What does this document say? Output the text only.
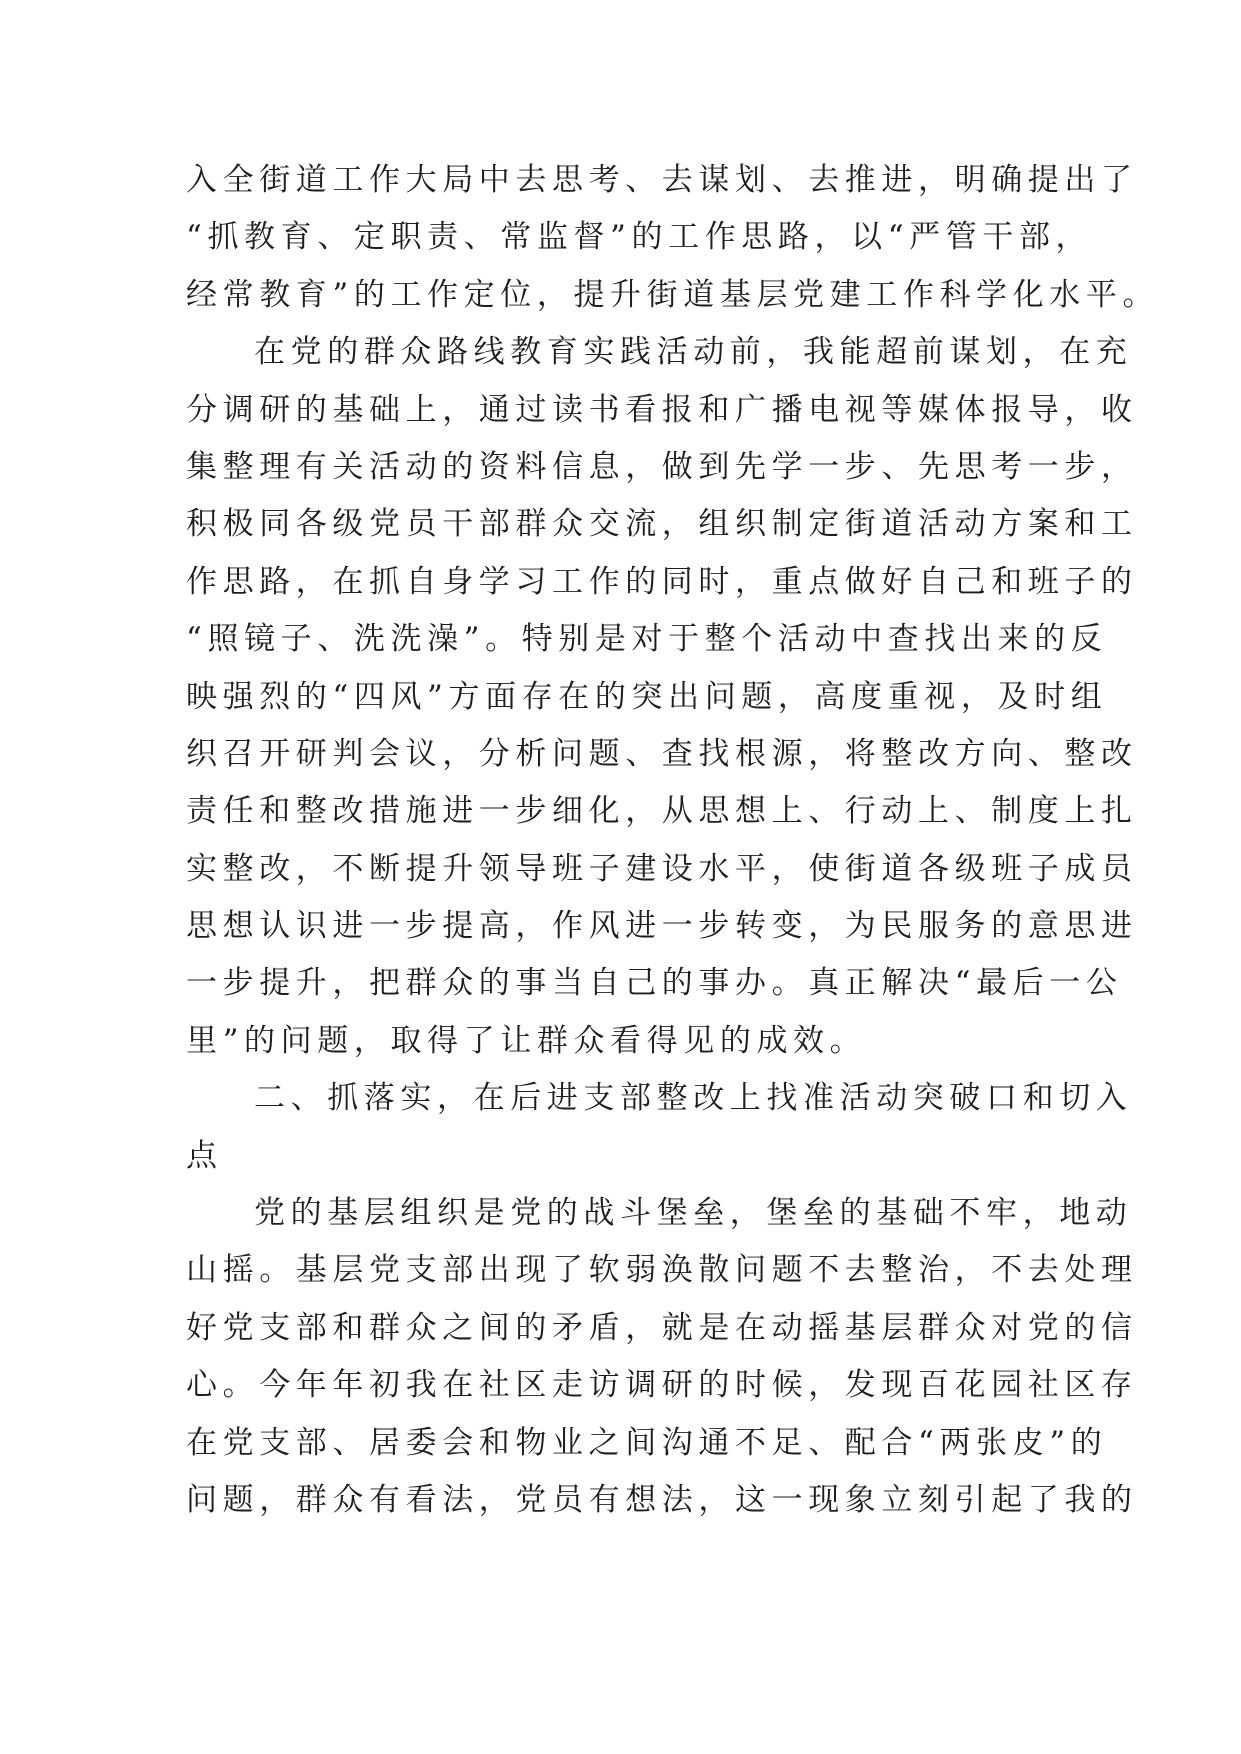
入全街道工作大局中去思考、去谋划、去推进，明确提出了
“抓教育、定职责、常监督”的工作思路，以“严管干部，
经常教育”的工作定位，提升街道基层党建工作科学化水平。
在党的群众路线教育实践活动前，我能超前谋划，在充
分调研的基础上，通过读书看报和广播电视等媒体报导，收
集整理有关活动的资料信息，做到先学一步、先思考一步，
积极同各级党员干部群众交流，组织制定街道活动方案和工
作思路，在抓自身学习工作的同时，重点做好自己和班子的
“照镜子、洗洗澡”。特别是对于整个活动中查找出来的反
映强烈的“四风”方面存在的突出问题，高度重视，及时组
织召开研判会议，分析问题、查找根源，将整改方向、整改
责任和整改措施进一步细化，从思想上、行动上、制度上扎
实整改，不断提升领导班子建设水平，使街道各级班子成员
思想认识进一步提高，作风进一步转变，为民服务的意思进
一步提升，把群众的事当自己的事办。真正解决“最后一公
里”的问题，取得了让群众看得见的成效。
二、抓落实，在后进支部整改上找准活动突破口和切入
点
党的基层组织是党的战斗堡垒，堡垒的基础不牢，地动
山摇。基层党支部出现了软弱涣散问题不去整治，不去处理
好党支部和群众之间的矛盾，就是在动摇基层群众对党的信
心。今年年初我在社区走访调研的时候，发现百花园社区存
在党支部、居委会和物业之间沟通不足、配合“两张皮”的
问题，群众有看法，党员有想法，这一现象立刻引起了我的
